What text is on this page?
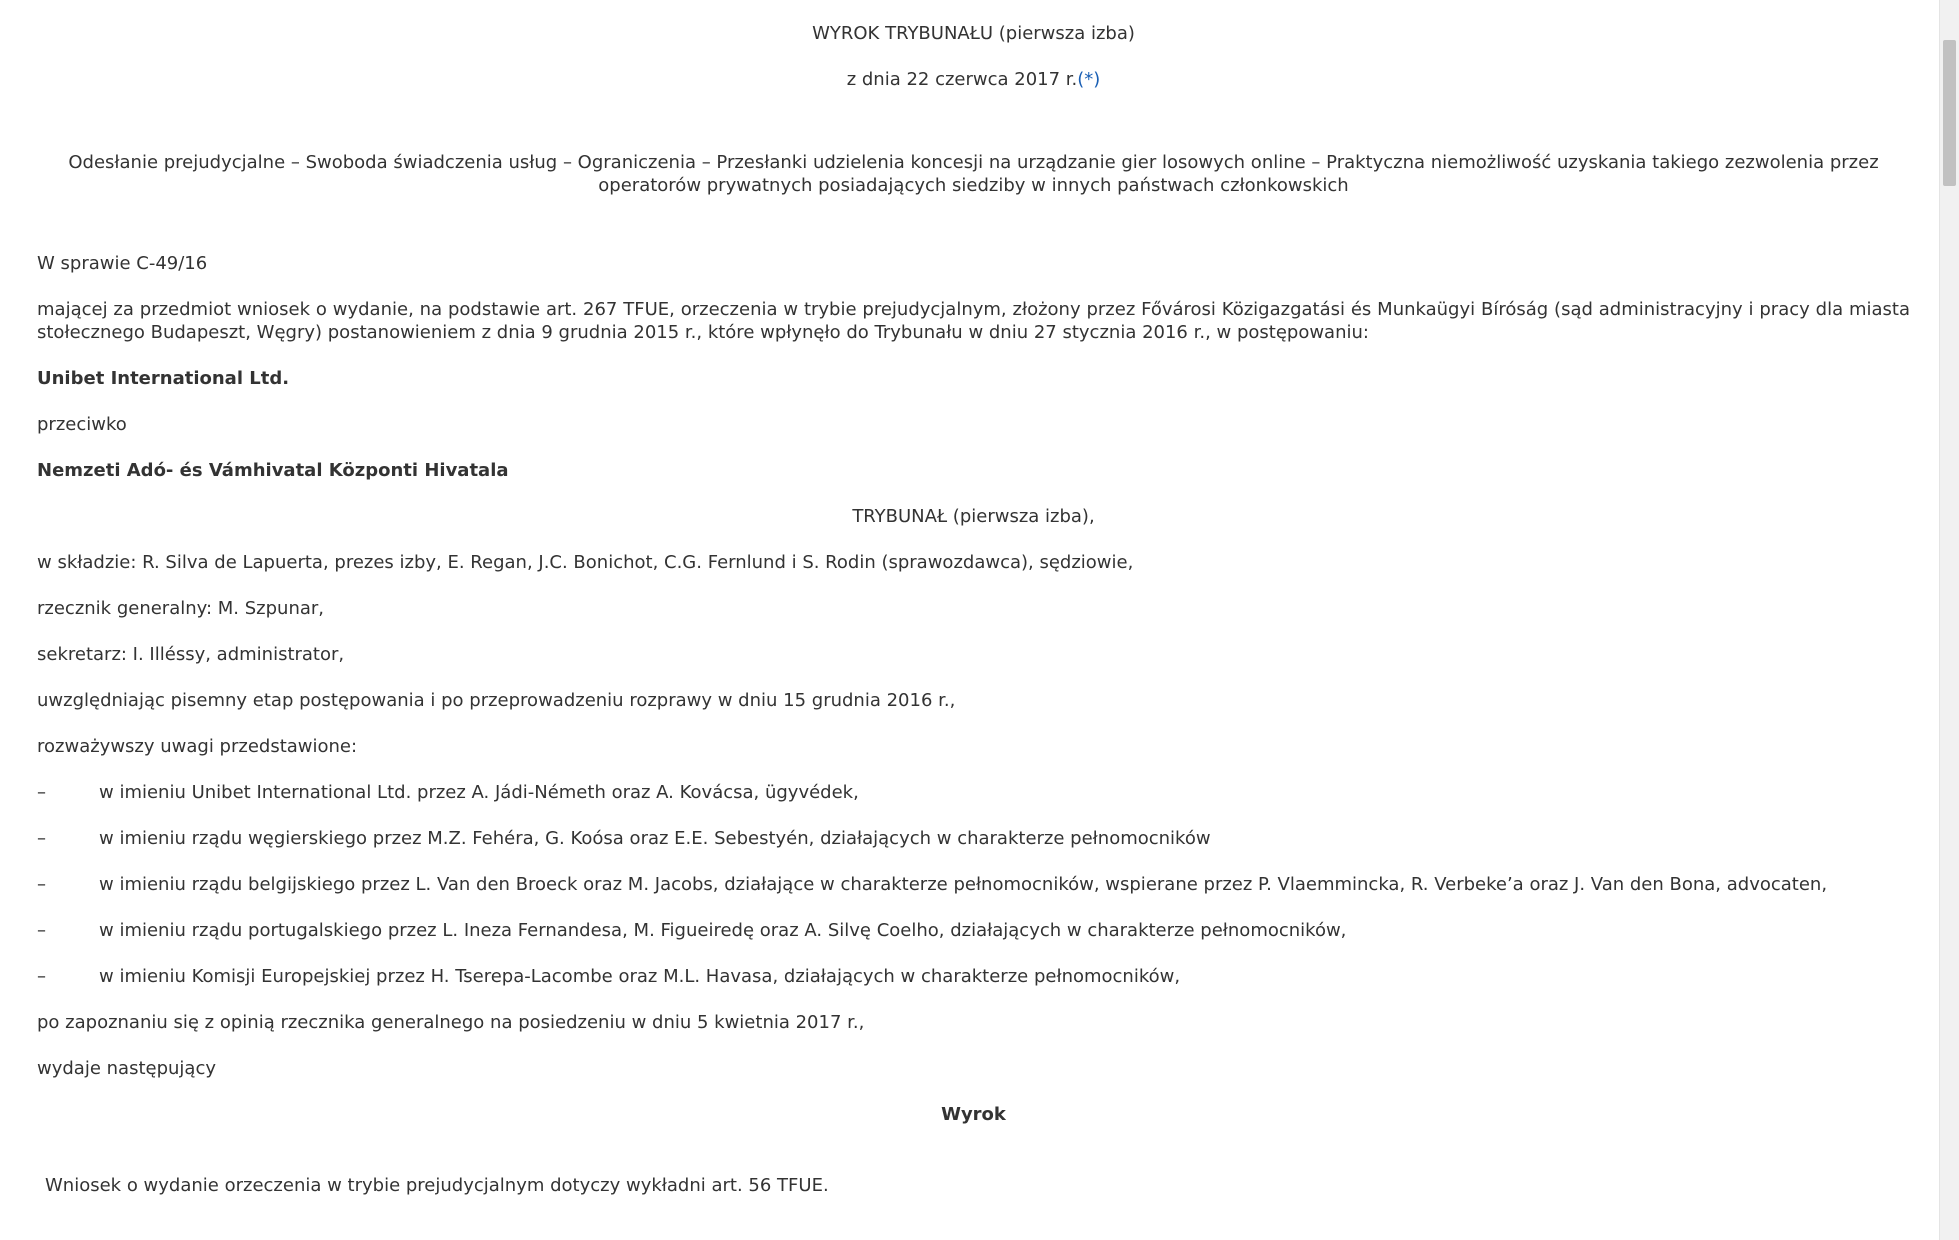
WYROK TRYBUNAŁU (pierwsza izba)

z dnia 22 czerwca 2017 r.(*)

Odesłanie prejudycjalne – Swoboda świadczenia usług – Ograniczenia – Przesłanki udzielenia koncesji na urządzanie gier losowych online – Praktyczna niemożliwość uzyskania takiego zezwolenia przez operatorów prywatnych posiadających siedziby w innych państwach członkowskich

W sprawie C‑49/16

mającej za przedmiot wniosek o wydanie, na podstawie art. 267 TFUE, orzeczenia w trybie prejudycjalnym, złożony przez Fővárosi Közigazgatási és Munkaügyi Bíróság (sąd administracyjny i pracy dla miasta stołecznego Budapeszt, Węgry) postanowieniem z dnia 9 grudnia 2015 r., które wpłynęło do Trybunału w dniu 27 stycznia 2016 r., w postępowaniu:

Unibet International Ltd.

przeciwko

Nemzeti Adó- és Vámhivatal Központi Hivatala

TRYBUNAŁ (pierwsza izba),

w składzie: R. Silva de Lapuerta, prezes izby, E. Regan, J.C. Bonichot, C.G. Fernlund i S. Rodin (sprawozdawca), sędziowie,

rzecznik generalny: M. Szpunar,

sekretarz: I. Illéssy, administrator,

uwzględniając pisemny etap postępowania i po przeprowadzeniu rozprawy w dniu 15 grudnia 2016 r.,

rozważywszy uwagi przedstawione:

–	w imieniu Unibet International Ltd. przez A. Jádi-Németh oraz A. Kovácsa, ügyvédek,
–	w imieniu rządu węgierskiego przez M.Z. Fehéra, G. Koósa oraz E.E. Sebestyén, działających w charakterze pełnomocników
–	w imieniu rządu belgijskiego przez L. Van den Broeck oraz M. Jacobs, działające w charakterze pełnomocników, wspierane przez P. Vlaemmincka, R. Verbeke’a oraz J. Van den Bona, advocaten,
–	w imieniu rządu portugalskiego przez L. Ineza Fernandesa, M. Figueiredę oraz A. Silvę Coelho, działających w charakterze pełnomocników,
–	w imieniu Komisji Europejskiej przez H. Tserepa-Lacombe oraz M.L. Havasa, działających w charakterze pełnomocników,

po zapoznaniu się z opinią rzecznika generalnego na posiedzeniu w dniu 5 kwietnia 2017 r.,

wydaje następujący

Wyrok

Wniosek o wydanie orzeczenia w trybie prejudycjalnym dotyczy wykładni art. 56 TFUE.
